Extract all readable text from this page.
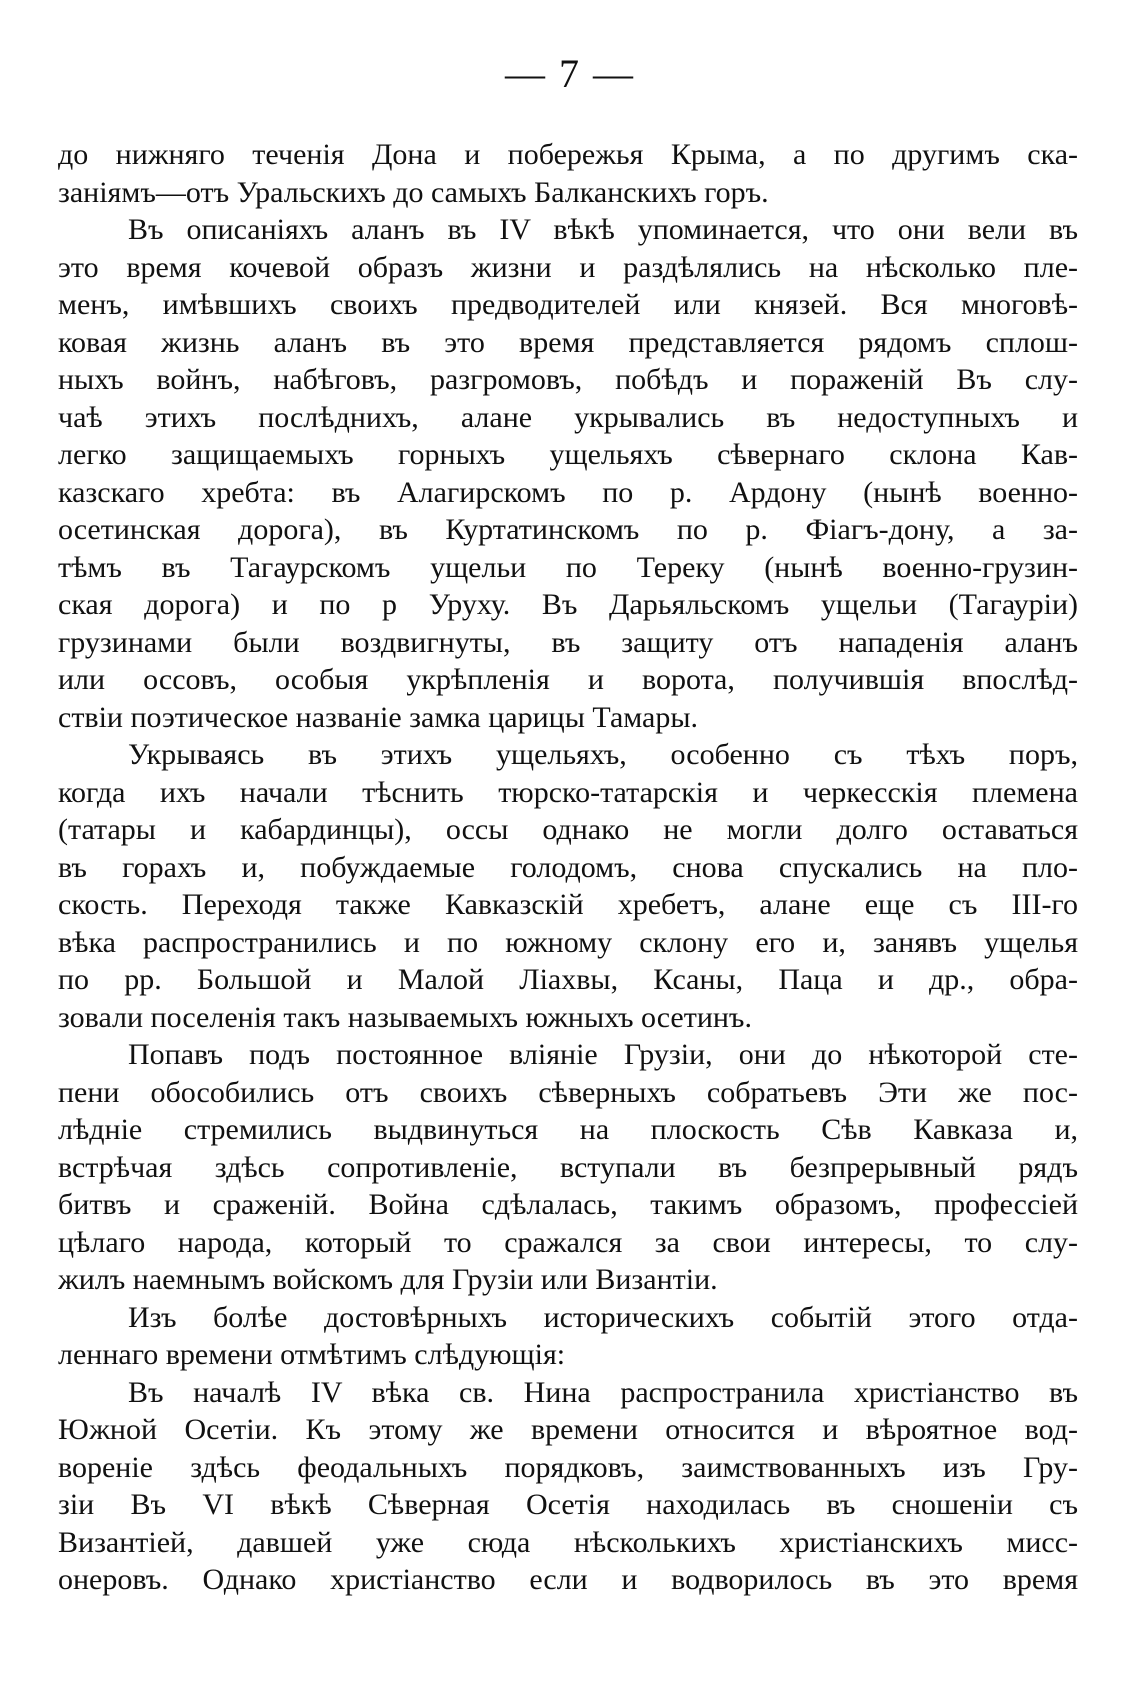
— 7 —
до нижняго теченія Дона и побережья Крыма, а по другимъ ска-
заніямъ—отъ Уральскихъ до самыхъ Балканскихъ горъ.
Въ описаніяхъ аланъ въ IV вѣкѣ упоминается, что они вели въ
это время кочевой образъ жизни и раздѣлялись на нѣсколько пле-
менъ, имѣвшихъ своихъ предводителей или князей. Вся многовѣ-
ковая жизнь аланъ въ это время представляется рядомъ сплош-
ныхъ войнъ, набѣговъ, разгромовъ, побѣдъ и пораженій Въ слу-
чаѣ этихъ послѣднихъ, алане укрывались въ недоступныхъ и
легко защищаемыхъ горныхъ ущельяхъ сѣвернаго склона Кав-
казскаго хребта: въ Алагирскомъ по р. Ардону (нынѣ военно-
осетинская дорога), въ Куртатинскомъ по р. Фіагъ-дону, а за-
тѣмъ въ Тагаурскомъ ущельи по Тереку (нынѣ военно-грузин-
ская дорога) и по р Уруху. Въ Дарьяльскомъ ущельи (Тагауріи)
грузинами были воздвигнуты, въ защиту отъ нападенія аланъ
или оссовъ, особыя укрѣпленія и ворота, получившія впослѣд-
ствіи поэтическое названіе замка царицы Тамары.
Укрываясь въ этихъ ущельяхъ, особенно съ тѣхъ поръ,
когда ихъ начали тѣснить тюрско-татарскія и черкесскія племена
(татары и кабардинцы), оссы однако не могли долго оставаться
въ горахъ и, побуждаемые голодомъ, снова спускались на пло-
скость. Переходя также Кавказскій хребетъ, алане еще съ III-го
вѣка распространились и по южному склону его и, занявъ ущелья
по рр. Большой и Малой Ліахвы, Ксаны, Паца и др., обра-
зовали поселенія такъ называемыхъ южныхъ осетинъ.
Попавъ подъ постоянное вліяніе Грузіи, они до нѣкоторой сте-
пени обособились отъ своихъ сѣверныхъ собратьевъ Эти же пос-
лѣдніе стремились выдвинуться на плоскость Сѣв Кавказа и,
встрѣчая здѣсь сопротивленіе, вступали въ безпрерывный рядъ
битвъ и сраженій. Война сдѣлалась, такимъ образомъ, профессіей
цѣлаго народа, который то сражался за свои интересы, то слу-
жилъ наемнымъ войскомъ для Грузіи или Византіи.
Изъ болѣе достовѣрныхъ историческихъ событій этого отда-
леннаго времени отмѣтимъ слѣдующія:
Въ началѣ IV вѣка св. Нина распространила христіанство въ
Южной Осетіи. Къ этому же времени относится и вѣроятное вод-
вореніе здѣсь феодальныхъ порядковъ, заимствованныхъ изъ Гру-
зіи Въ VI вѣкѣ Сѣверная Осетія находилась въ сношеніи съ
Византіей, давшей уже сюда нѣсколькихъ христіанскихъ мисс-
онеровъ. Однако христіанство если и водворилось въ это время
